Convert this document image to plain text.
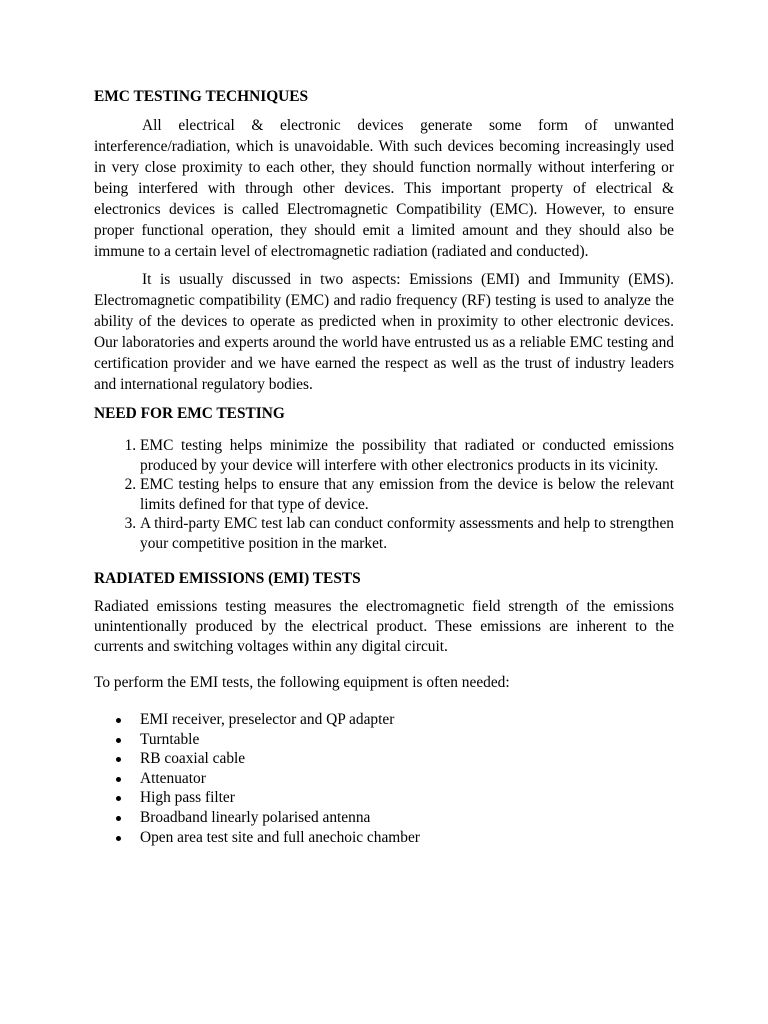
EMC TESTING TECHNIQUES

All electrical & electronic devices generate some form of unwanted interference/radiation, which is unavoidable. With such devices becoming increasingly used in very close proximity to each other, they should function normally without interfering or being interfered with through other devices. This important property of electrical & electronics devices is called Electromagnetic Compatibility (EMC). However, to ensure proper functional operation, they should emit a limited amount and they should also be immune to a certain level of electromagnetic radiation (radiated and conducted).

It is usually discussed in two aspects: Emissions (EMI) and Immunity (EMS). Electromagnetic compatibility (EMC) and radio frequency (RF) testing is used to analyze the ability of the devices to operate as predicted when in proximity to other electronic devices. Our laboratories and experts around the world have entrusted us as a reliable EMC testing and certification provider and we have earned the respect as well as the trust of industry leaders and international regulatory bodies.

NEED FOR EMC TESTING

1. EMC testing helps minimize the possibility that radiated or conducted emissions produced by your device will interfere with other electronics products in its vicinity.
2. EMC testing helps to ensure that any emission from the device is below the relevant limits defined for that type of device.
3. A third-party EMC test lab can conduct conformity assessments and help to strengthen your competitive position in the market.

RADIATED EMISSIONS (EMI) TESTS

Radiated emissions testing measures the electromagnetic field strength of the emissions unintentionally produced by the electrical product. These emissions are inherent to the currents and switching voltages within any digital circuit.

To perform the EMI tests, the following equipment is often needed:

EMI receiver, preselector and QP adapter
Turntable
RB coaxial cable
Attenuator
High pass filter
Broadband linearly polarised antenna
Open area test site and full anechoic chamber
